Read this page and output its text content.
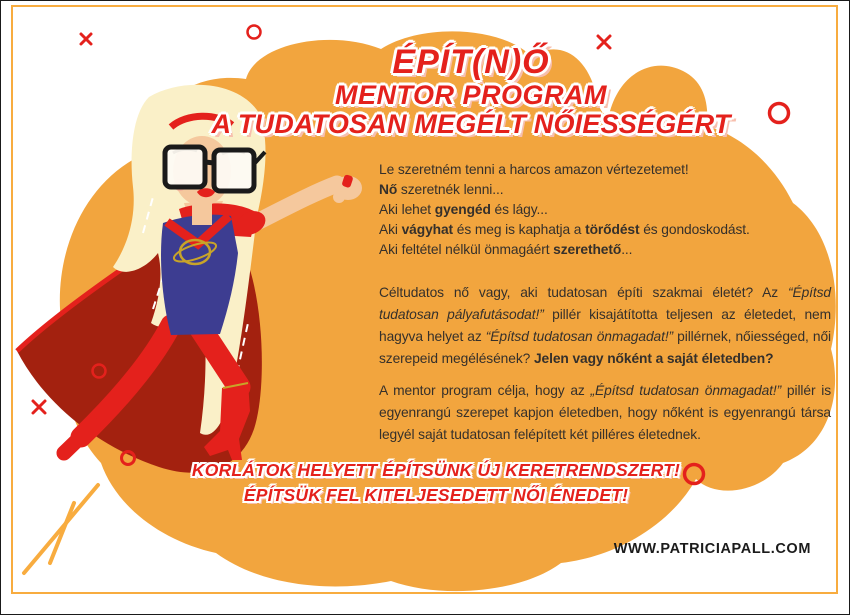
ÉPÍT(N)Ő
MENTOR PROGRAM
A TUDATOSAN MEGÉLT NŐIESSÉGÉRT
Le szeretném tenni a harcos amazon vértezetemet!
Nő szeretnék lenni...
Aki lehet gyengéd és lágy...
Aki vágyhat és meg is kaphatja a törődést és gondoskodást.
Aki feltétel nélkül önmagáért szerethető...
Céltudatos nő vagy, aki tudatosan építi szakmai életét? Az “Építsd tudatosan pályafutásodat!” pillér kisajátította teljesen az életedet, nem hagyva helyet az “Építsd tudatosan önmagadat!” pillérnek, nőiességed, női szerepeid megélésének? Jelen vagy nőként a saját életedben?
A mentor program célja, hogy az „Építsd tudatosan önmagadat!” pillér is egyenrangú szerepet kapjon életedben, hogy nőként is egyenrangú társa legyél saját tudatosan felépített két pilléres életednek.
KORLÁTOK HELYETT ÉPÍTSÜNK ÚJ KERETRENDSZERT!
ÉPÍTSÜK FEL KITELJESEDETT NŐI ÉNEDET!
WWW.PATRICIAPALL.COM
